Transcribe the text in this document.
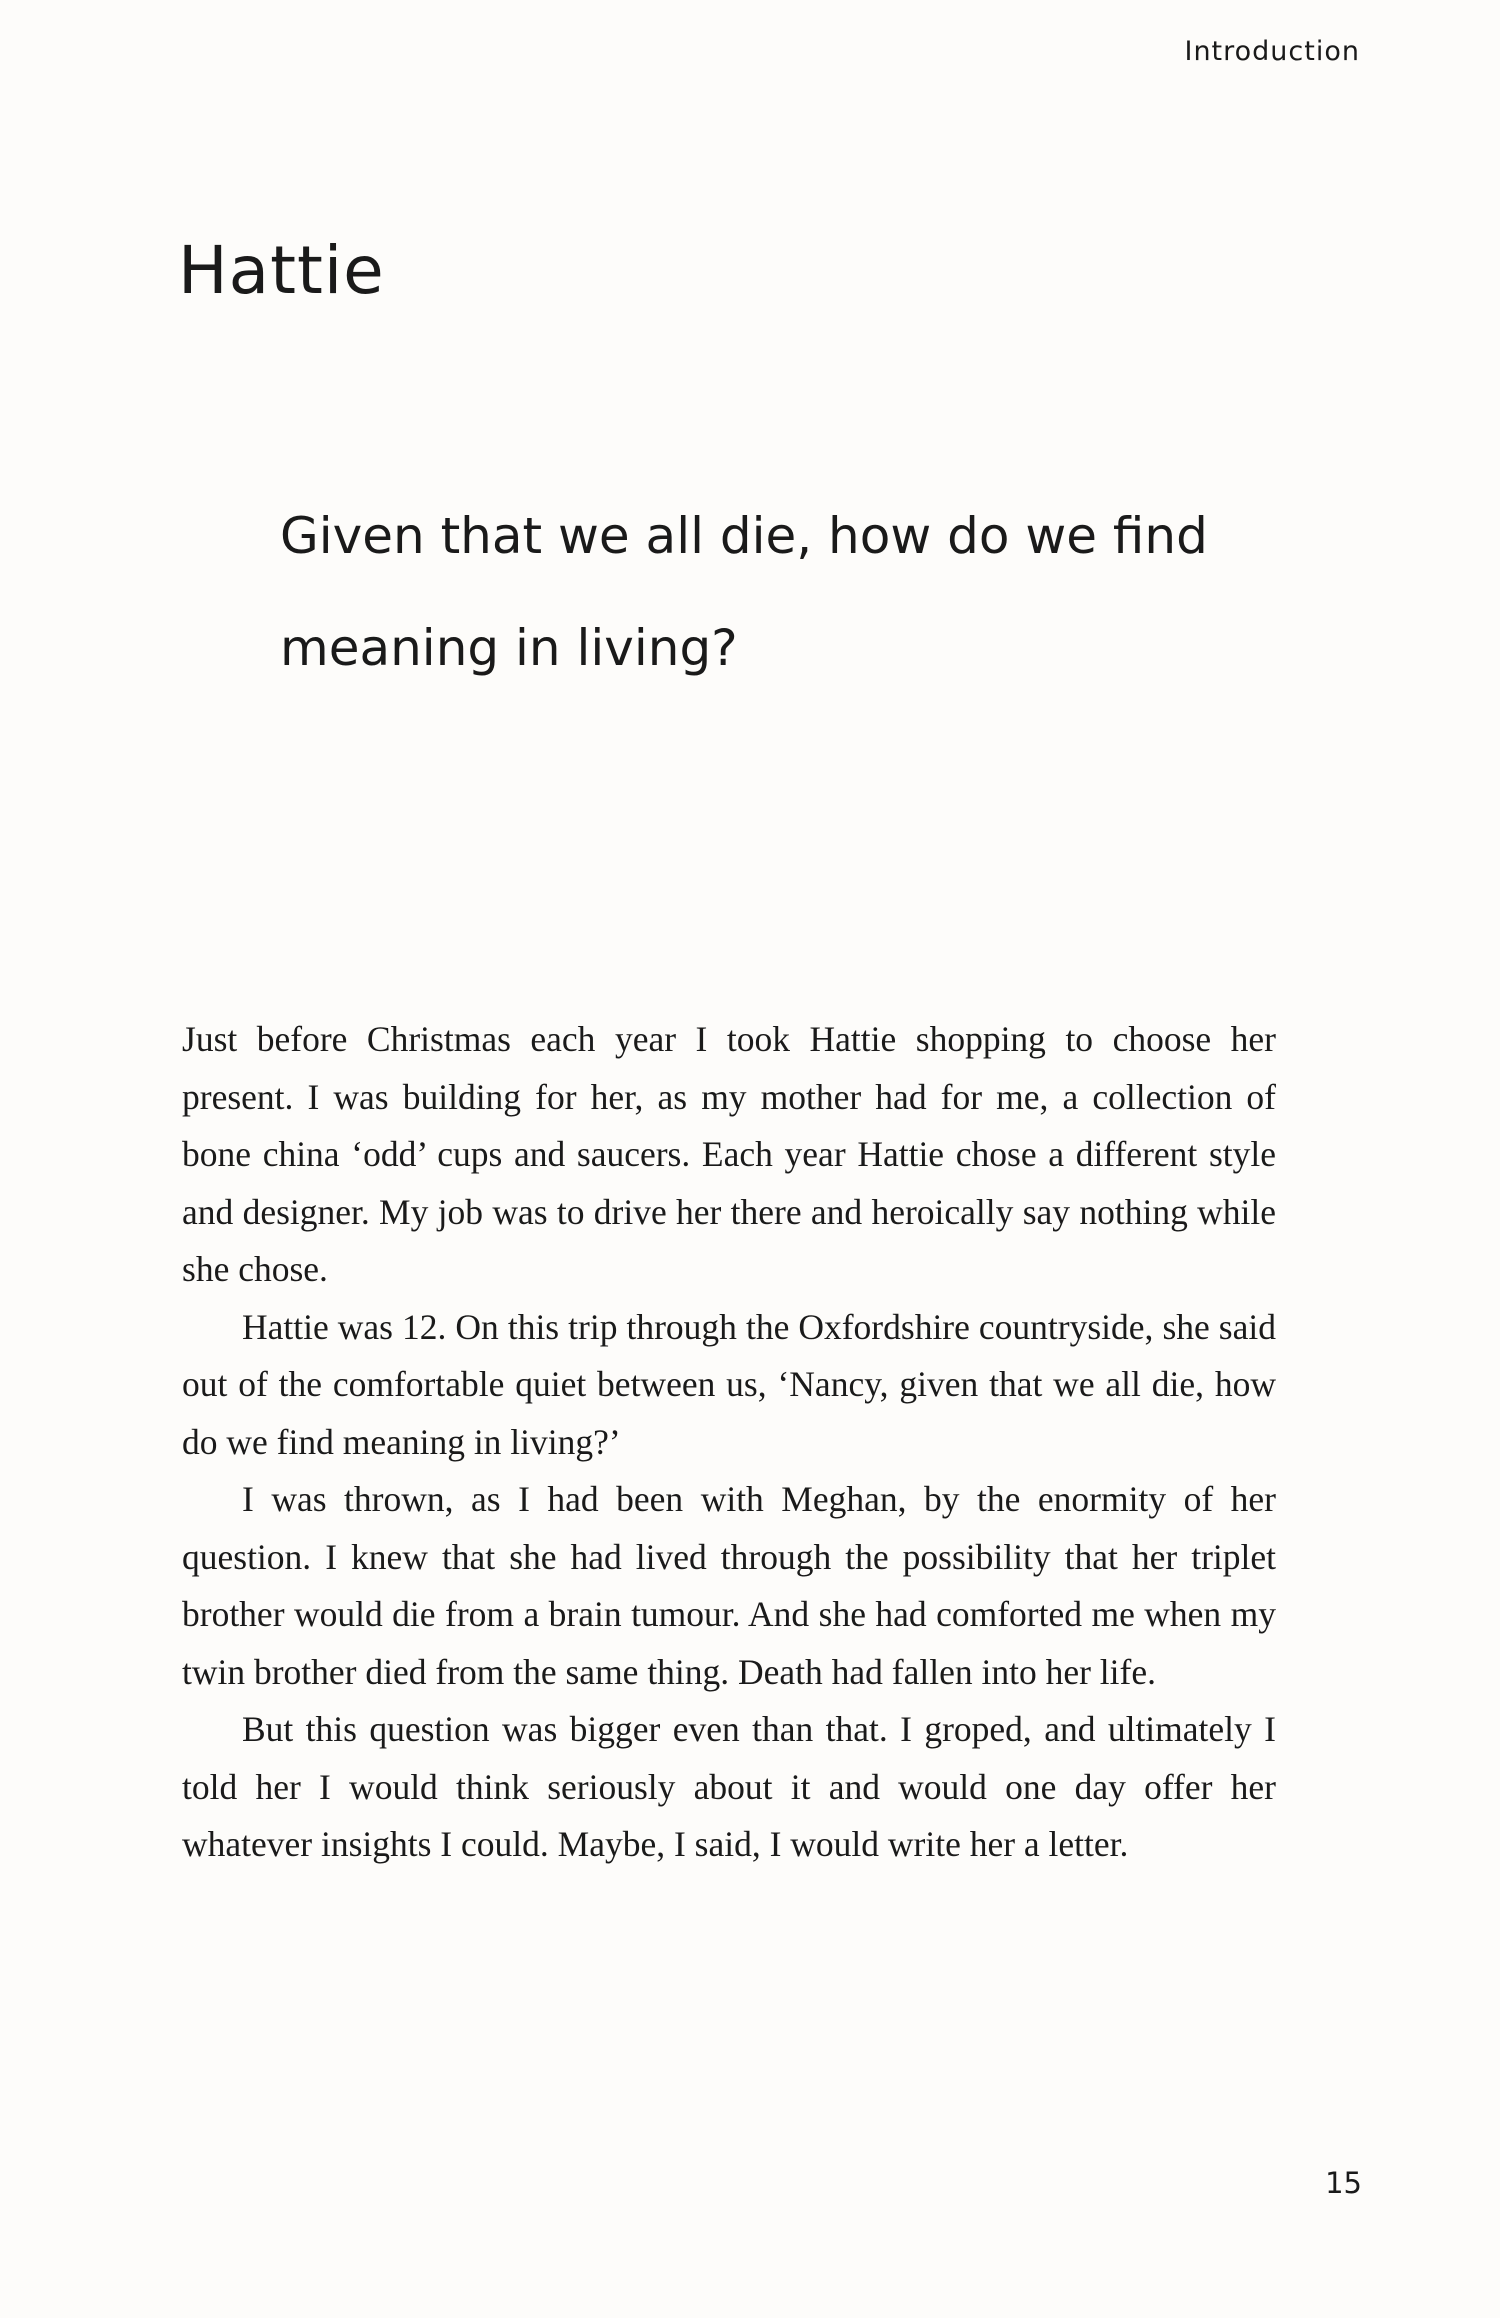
Introduction
Hattie

Given that we all die, how do we find meaning in living?

Just before Christmas each year I took Hattie shopping to choose her present. I was building for her, as my mother had for me, a collection of bone china ‘odd’ cups and saucers. Each year Hattie chose a different style and designer. My job was to drive her there and heroically say nothing while she chose.

Hattie was 12. On this trip through the Oxfordshire countryside, she said out of the comfortable quiet between us, ‘Nancy, given that we all die, how do we find meaning in living?’

I was thrown, as I had been with Meghan, by the enormity of her question. I knew that she had lived through the possibility that her triplet brother would die from a brain tumour. And she had comforted me when my twin brother died from the same thing. Death had fallen into her life.

But this question was bigger even than that. I groped, and ultimately I told her I would think seriously about it and would one day offer her whatever insights I could. Maybe, I said, I would write her a letter.

15
